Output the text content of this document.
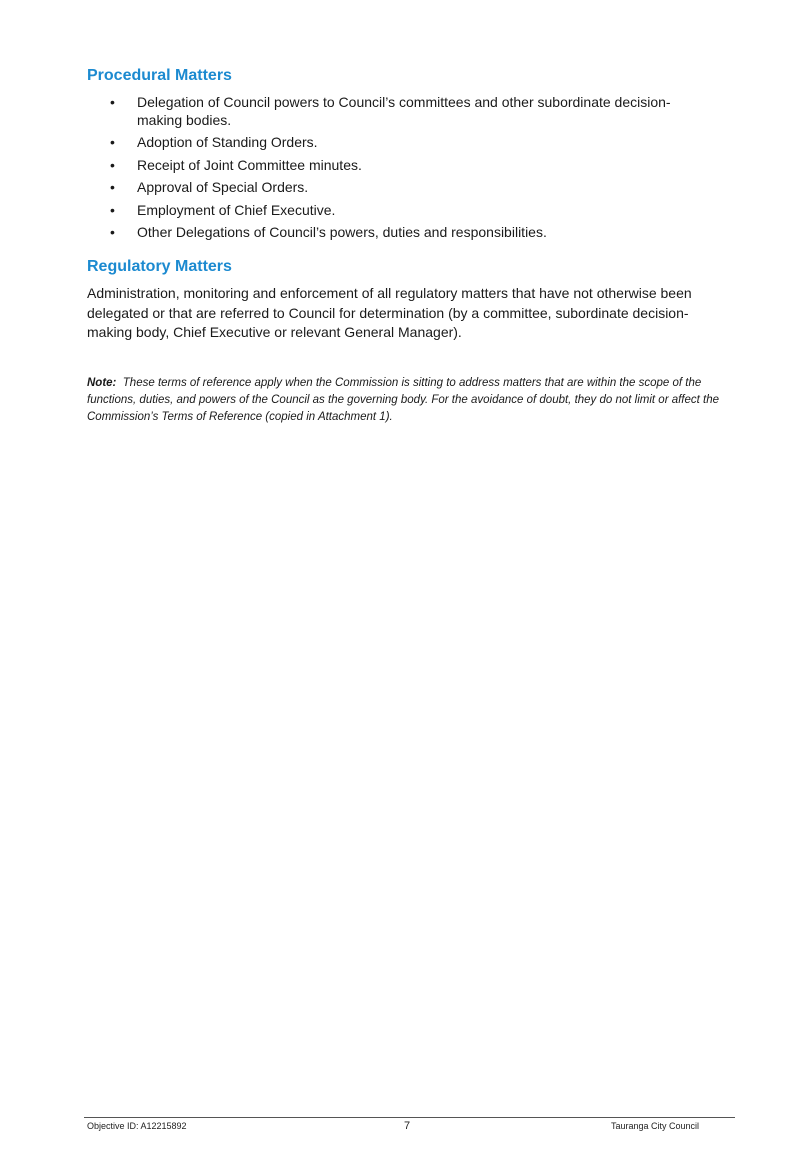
Procedural Matters
• Delegation of Council powers to Council’s committees and other subordinate decision-making bodies.
• Adoption of Standing Orders.
• Receipt of Joint Committee minutes.
• Approval of Special Orders.
• Employment of Chief Executive.
• Other Delegations of Council’s powers, duties and responsibilities.
Regulatory Matters

Administration, monitoring and enforcement of all regulatory matters that have not otherwise been delegated or that are referred to Council for determination (by a committee, subordinate decision-making body, Chief Executive or relevant General Manager).

Note: These terms of reference apply when the Commission is sitting to address matters that are within the scope of the functions, duties, and powers of the Council as the governing body. For the avoidance of doubt, they do not limit or affect the Commission’s Terms of Reference (copied in Attachment 1).

Objective ID: A12215892	7	Tauranga City Council
